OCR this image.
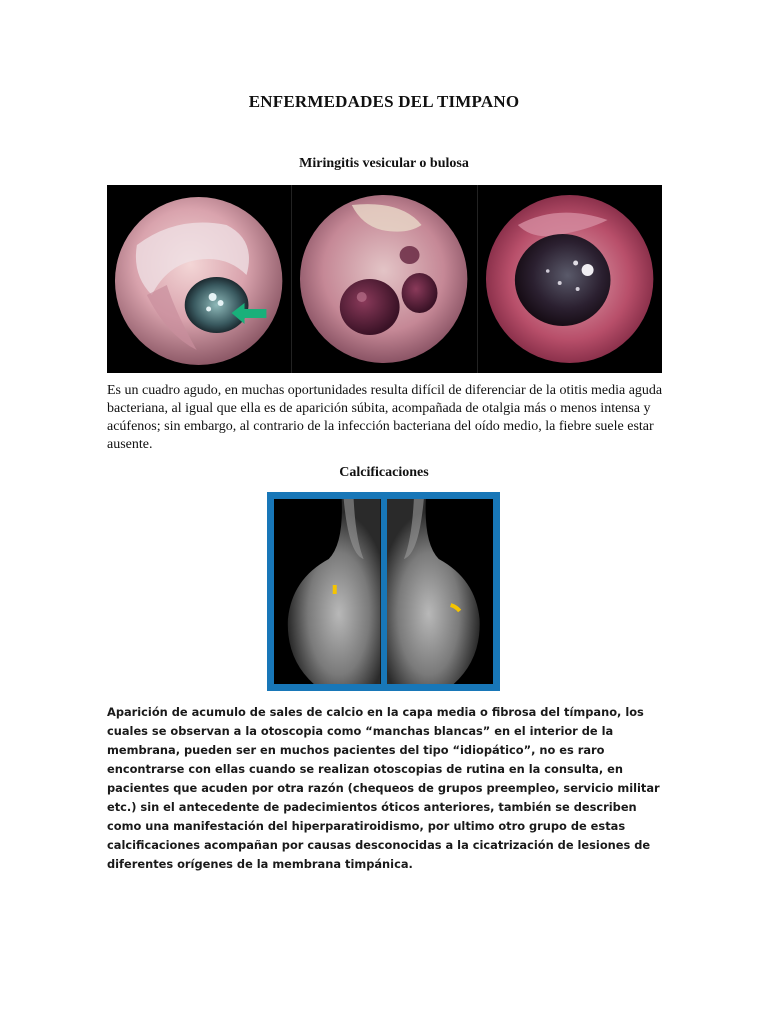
ENFERMEDADES DEL TIMPANO
Miringitis vesicular o bulosa
Es un cuadro agudo, en muchas oportunidades resulta difícil de diferenciar de la otitis media aguda bacteriana, al igual que ella es de aparición súbita, acompañada de otalgia más o menos intensa y acúfenos; sin embargo, al contrario de la infección bacteriana del oído medio, la fiebre suele estar ausente.
Calcificaciones
Aparición de acumulo de sales de calcio en la capa media o fibrosa del tímpano, los cuales se observan a la otoscopia como “manchas blancas” en el interior de la membrana, pueden ser en muchos pacientes del tipo “idiopático”, no es raro encontrarse con ellas cuando se realizan otoscopias de rutina en la consulta, en pacientes que acuden por otra razón (chequeos de grupos preempleo, servicio militar etc.) sin el antecedente de padecimientos óticos anteriores, también se describen como una manifestación del hiperparatiroidismo, por ultimo otro grupo de estas calcificaciones acompañan por causas desconocidas a la cicatrización de lesiones de diferentes orígenes de la membrana timpánica.
